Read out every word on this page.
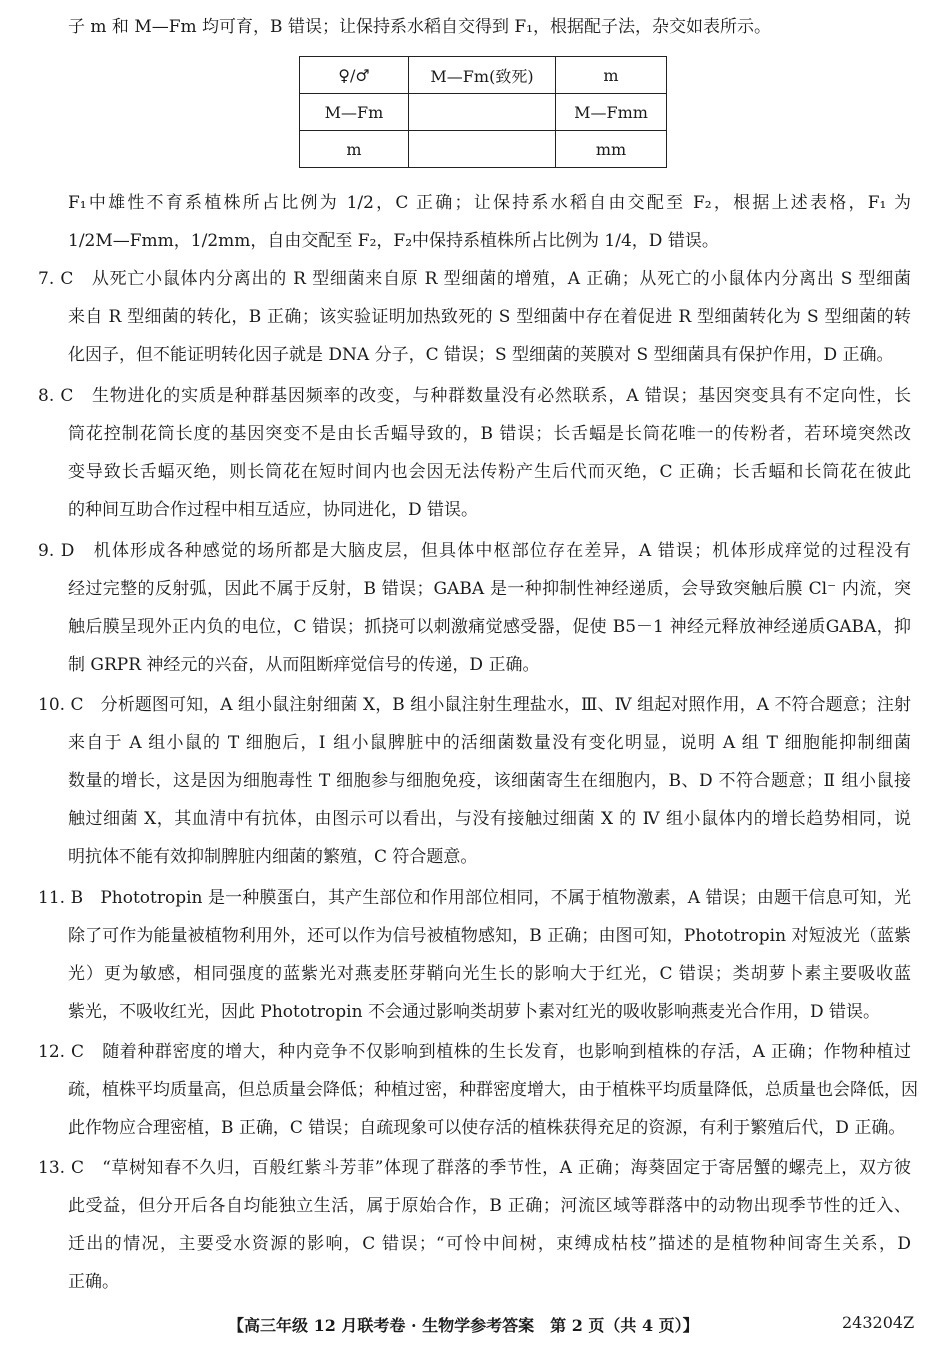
子 m 和 M—Fm 均可育，B 错误；让保持系水稻自交得到 F₁，根据配子法，杂交如表所示。
♀/♂	M—Fm(致死)	m
M—Fm		M—Fmm
m		mm
F₁中雄性不育系植株所占比例为 1/2，C 正确；让保持系水稻自由交配至 F₂，根据上述表格，F₁ 为
1/2M—Fmm，1/2mm，自由交配至 F₂，F₂中保持系植株所占比例为 1/4，D 错误。
7. C　从死亡小鼠体内分离出的 R 型细菌来自原 R 型细菌的增殖，A 正确；从死亡的小鼠体内分离出 S 型细菌
来自 R 型细菌的转化，B 正确；该实验证明加热致死的 S 型细菌中存在着促进 R 型细菌转化为 S 型细菌的转
化因子，但不能证明转化因子就是 DNA 分子，C 错误；S 型细菌的荚膜对 S 型细菌具有保护作用，D 正确。
8. C　生物进化的实质是种群基因频率的改变，与种群数量没有必然联系，A 错误；基因突变具有不定向性，长
筒花控制花筒长度的基因突变不是由长舌蝠导致的，B 错误；长舌蝠是长筒花唯一的传粉者，若环境突然改
变导致长舌蝠灭绝，则长筒花在短时间内也会因无法传粉产生后代而灭绝，C 正确；长舌蝠和长筒花在彼此
的种间互助合作过程中相互适应，协同进化，D 错误。
9. D　机体形成各种感觉的场所都是大脑皮层，但具体中枢部位存在差异，A 错误；机体形成痒觉的过程没有
经过完整的反射弧，因此不属于反射，B 错误；GABA 是一种抑制性神经递质，会导致突触后膜 Cl⁻ 内流，突
触后膜呈现外正内负的电位，C 错误；抓挠可以刺激痛觉感受器，促使 B5－1 神经元释放神经递质GABA，抑
制 GRPR 神经元的兴奋，从而阻断痒觉信号的传递，D 正确。
10. C　分析题图可知，A 组小鼠注射细菌 X，B 组小鼠注射生理盐水，Ⅲ、Ⅳ 组起对照作用，A 不符合题意；注射
来自于 A 组小鼠的 T 细胞后，Ⅰ 组小鼠脾脏中的活细菌数量没有变化明显，说明 A 组 T 细胞能抑制细菌
数量的增长，这是因为细胞毒性 T 细胞参与细胞免疫，该细菌寄生在细胞内，B、D 不符合题意；Ⅱ 组小鼠接
触过细菌 X，其血清中有抗体，由图示可以看出，与没有接触过细菌 X 的 Ⅳ 组小鼠体内的增长趋势相同，说
明抗体不能有效抑制脾脏内细菌的繁殖，C 符合题意。
11. B　Phototropin 是一种膜蛋白，其产生部位和作用部位相同，不属于植物激素，A 错误；由题干信息可知，光
除了可作为能量被植物利用外，还可以作为信号被植物感知，B 正确；由图可知，Phototropin 对短波光（蓝紫
光）更为敏感，相同强度的蓝紫光对燕麦胚芽鞘向光生长的影响大于红光，C 错误；类胡萝卜素主要吸收蓝
紫光，不吸收红光，因此 Phototropin 不会通过影响类胡萝卜素对红光的吸收影响燕麦光合作用，D 错误。
12. C　随着种群密度的增大，种内竞争不仅影响到植株的生长发育，也影响到植株的存活，A 正确；作物种植过
疏，植株平均质量高，但总质量会降低；种植过密，种群密度增大，由于植株平均质量降低，总质量也会降低，因
此作物应合理密植，B 正确，C 错误；自疏现象可以使存活的植株获得充足的资源，有利于繁殖后代，D 正确。
13. C　“草树知春不久归，百般红紫斗芳菲”体现了群落的季节性，A 正确；海葵固定于寄居蟹的螺壳上，双方彼
此受益，但分开后各自均能独立生活，属于原始合作，B 正确；河流区域等群落中的动物出现季节性的迁入、
迁出的情况，主要受水资源的影响，C 错误；“可怜中间树，束缚成枯枝”描述的是植物种间寄生关系，D
正确。
【高三年级 12 月联考卷 · 生物学参考答案　第 2 页（共 4 页）】	243204Z
